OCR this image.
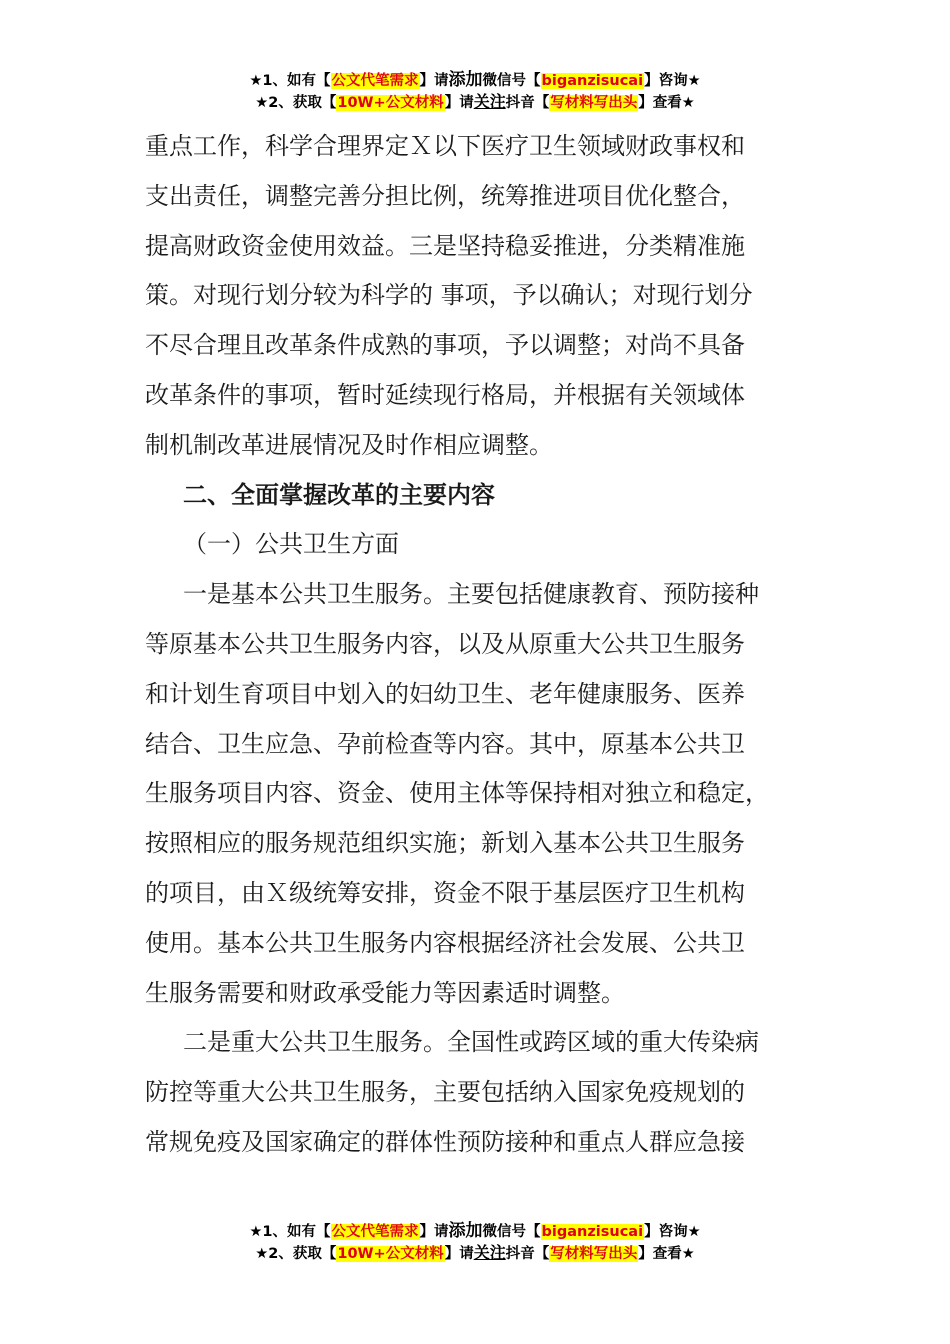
★1、如有【公文代笔需求】请添加微信号【biganzisucai】咨询★
★2、获取【10W+公文材料】请关注抖音【写材料写出头】查看★
重点工作，科学合理界定Ｘ以下医疗卫生领域财政事权和
支出责任，调整完善分担比例，统筹推进项目优化整合，
提高财政资金使用效益。三是坚持稳妥推进，分类精准施
策。对现行划分较为科学的 事项，予以确认；对现行划分
不尽合理且改革条件成熟的事项，予以调整；对尚不具备
改革条件的事项，暂时延续现行格局，并根据有关领域体
制机制改革进展情况及时作相应调整。
二、全面掌握改革的主要内容
（一）公共卫生方面
一是基本公共卫生服务。主要包括健康教育、预防接种
等原基本公共卫生服务内容，以及从原重大公共卫生服务
和计划生育项目中划入的妇幼卫生、老年健康服务、医养
结合、卫生应急、孕前检查等内容。其中，原基本公共卫
生服务项目内容、资金、使用主体等保持相对独立和稳定，
按照相应的服务规范组织实施；新划入基本公共卫生服务
的项目，由Ｘ级统筹安排，资金不限于基层医疗卫生机构
使用。基本公共卫生服务内容根据经济社会发展、公共卫
生服务需要和财政承受能力等因素适时调整。
二是重大公共卫生服务。全国性或跨区域的重大传染病
防控等重大公共卫生服务，主要包括纳入国家免疫规划的
常规免疫及国家确定的群体性预防接种和重点人群应急接
★1、如有【公文代笔需求】请添加微信号【biganzisucai】咨询★
★2、获取【10W+公文材料】请关注抖音【写材料写出头】查看★
